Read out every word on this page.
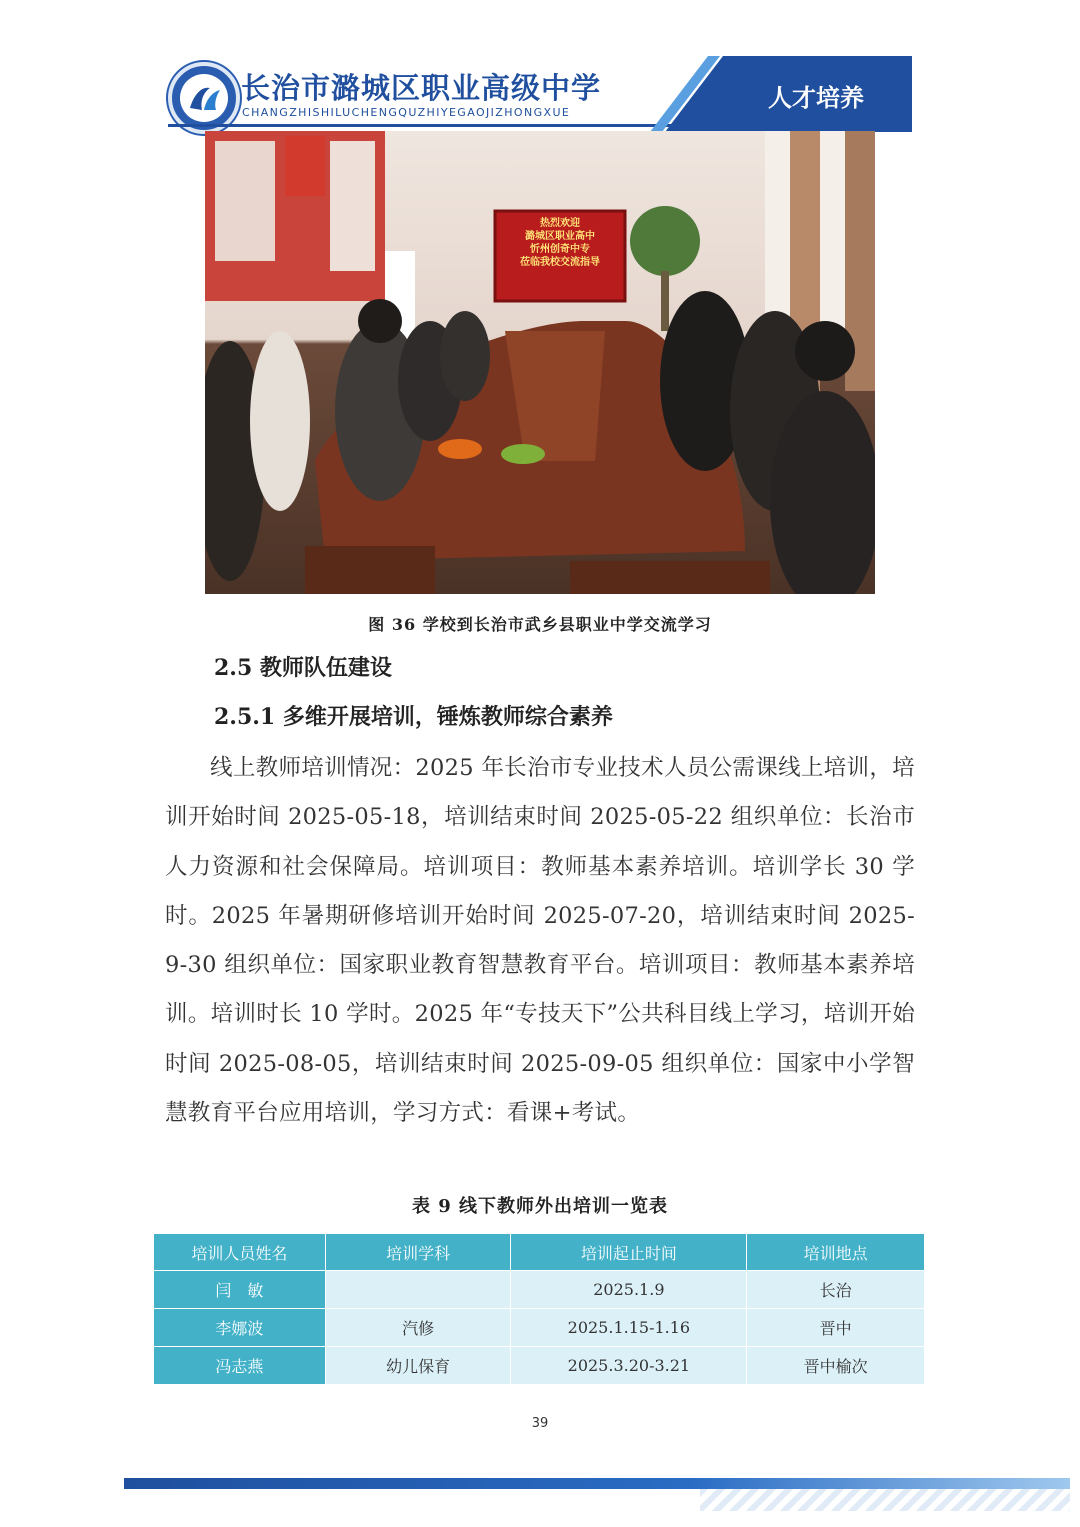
长治市潞城区职业高级中学
CHANGZHISHILUCHENGQUZHIYEGAOJIZHONGXUE
人才培养
热烈欢迎
潞城区职业高中
忻州创奇中专
莅临我校交流指导
图 36 学校到长治市武乡县职业中学交流学习
2.5 教师队伍建设
2.5.1 多维开展培训，锤炼教师综合素养
线上教师培训情况：2025 年长治市专业技术人员公需课线上培训，培训开始时间 2025-05-18，培训结束时间 2025-05-22 组织单位：长治市人力资源和社会保障局。培训项目：教师基本素养培训。培训学长 30 学时。2025 年暑期研修培训开始时间 2025-07-20，培训结束时间 2025-9-30 组织单位：国家职业教育智慧教育平台。培训项目：教师基本素养培训。培训时长 10 学时。2025 年“专技天下”公共科目线上学习，培训开始时间 2025-08-05，培训结束时间 2025-09-05 组织单位：国家中小学智慧教育平台应用培训，学习方式：看课+考试。
表 9 线下教师外出培训一览表
培训人员姓名	培训学科	培训起止时间	培训地点
闫　敏		2025.1.9	长治
李娜波	汽修	2025.1.15-1.16	晋中
冯志燕	幼儿保育	2025.3.20-3.21	晋中榆次
39
